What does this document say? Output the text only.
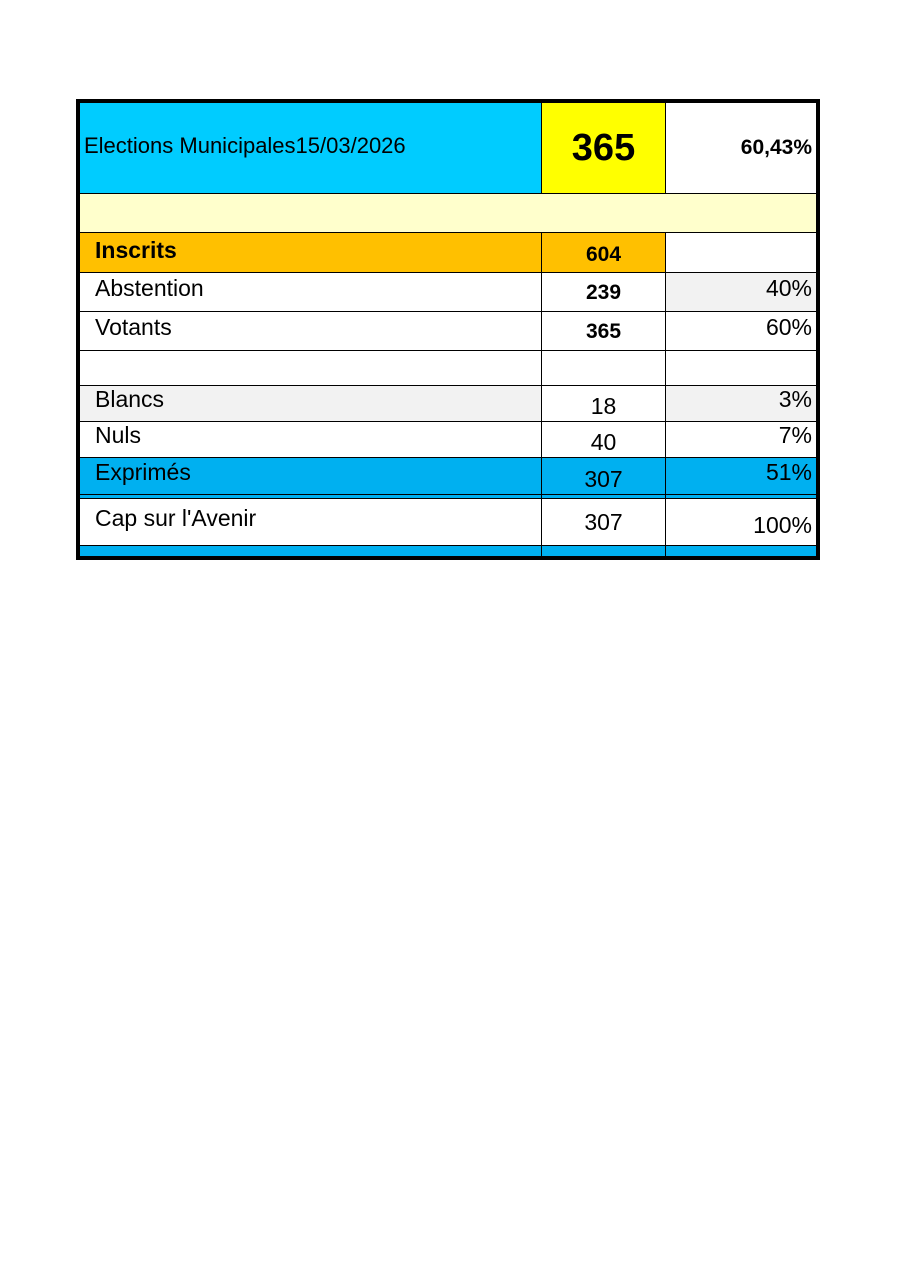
Elections Municipales15/03/2026	365	60,43%

Inscrits	604	
Abstention	239	40%
Votants	365	60%

Blancs	18	3%
Nuls	40	7%
Exprimés	307	51%

Cap sur l'Avenir	307	100%
